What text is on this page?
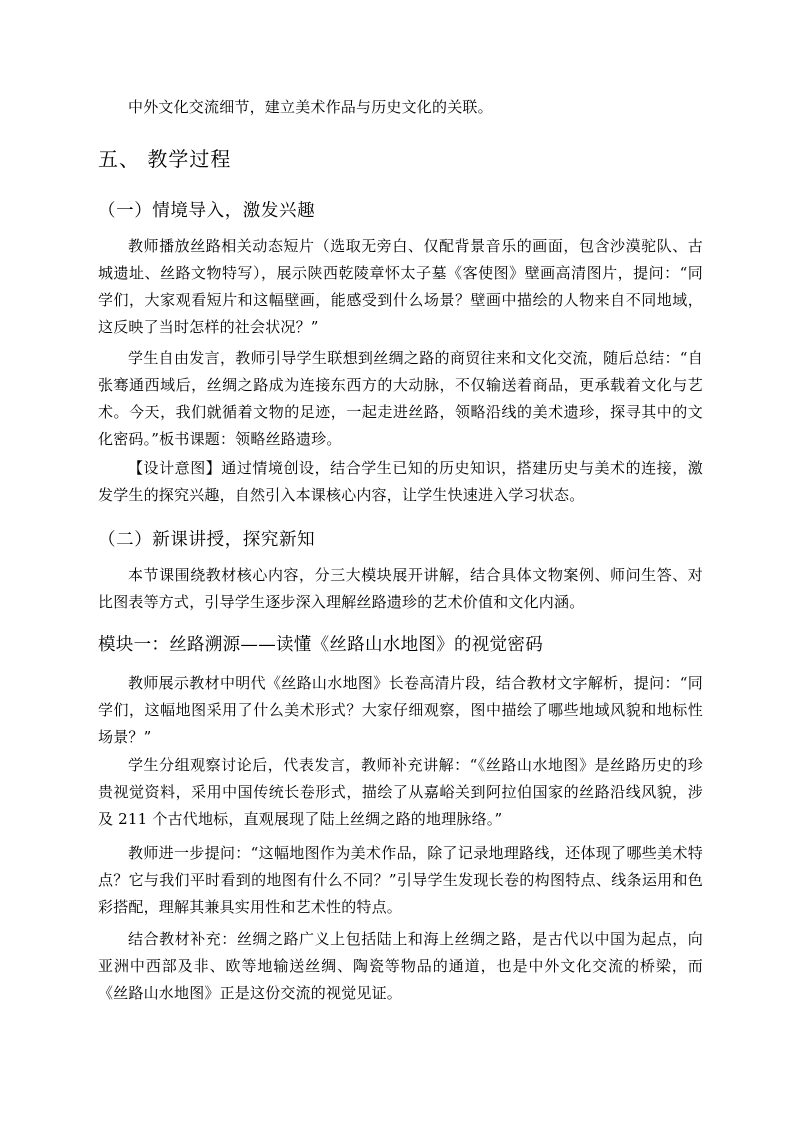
中外文化交流细节，建立美术作品与历史文化的关联。

五、 教学过程
（一）情境导入，激发兴趣

教师播放丝路相关动态短片（选取无旁白、仅配背景音乐的画面，包含沙漠驼队、古城遗址、丝路文物特写），展示陕西乾陵章怀太子墓《客使图》壁画高清图片，提问：“同学们，大家观看短片和这幅壁画，能感受到什么场景？壁画中描绘的人物来自不同地域，这反映了当时怎样的社会状况？”

学生自由发言，教师引导学生联想到丝绸之路的商贸往来和文化交流，随后总结：“自张骞通西域后，丝绸之路成为连接东西方的大动脉，不仅输送着商品，更承载着文化与艺术。今天，我们就循着文物的足迹，一起走进丝路，领略沿线的美术遗珍，探寻其中的文化密码。”板书课题：领略丝路遗珍。

【设计意图】通过情境创设，结合学生已知的历史知识，搭建历史与美术的连接，激发学生的探究兴趣，自然引入本课核心内容，让学生快速进入学习状态。

（二）新课讲授，探究新知

本节课围绕教材核心内容，分三大模块展开讲解，结合具体文物案例、师问生答、对比图表等方式，引导学生逐步深入理解丝路遗珍的艺术价值和文化内涵。

模块一：丝路溯源——读懂《丝路山水地图》的视觉密码

教师展示教材中明代《丝路山水地图》长卷高清片段，结合教材文字解析，提问：“同学们，这幅地图采用了什么美术形式？大家仔细观察，图中描绘了哪些地域风貌和地标性场景？”

学生分组观察讨论后，代表发言，教师补充讲解：“《丝路山水地图》是丝路历史的珍贵视觉资料，采用中国传统长卷形式，描绘了从嘉峪关到阿拉伯国家的丝路沿线风貌，涉及 211 个古代地标，直观展现了陆上丝绸之路的地理脉络。”

教师进一步提问：“这幅地图作为美术作品，除了记录地理路线，还体现了哪些美术特点？它与我们平时看到的地图有什么不同？”引导学生发现长卷的构图特点、线条运用和色彩搭配，理解其兼具实用性和艺术性的特点。

结合教材补充：丝绸之路广义上包括陆上和海上丝绸之路，是古代以中国为起点，向亚洲中西部及非、欧等地输送丝绸、陶瓷等物品的通道，也是中外文化交流的桥梁，而《丝路山水地图》正是这份交流的视觉见证。
